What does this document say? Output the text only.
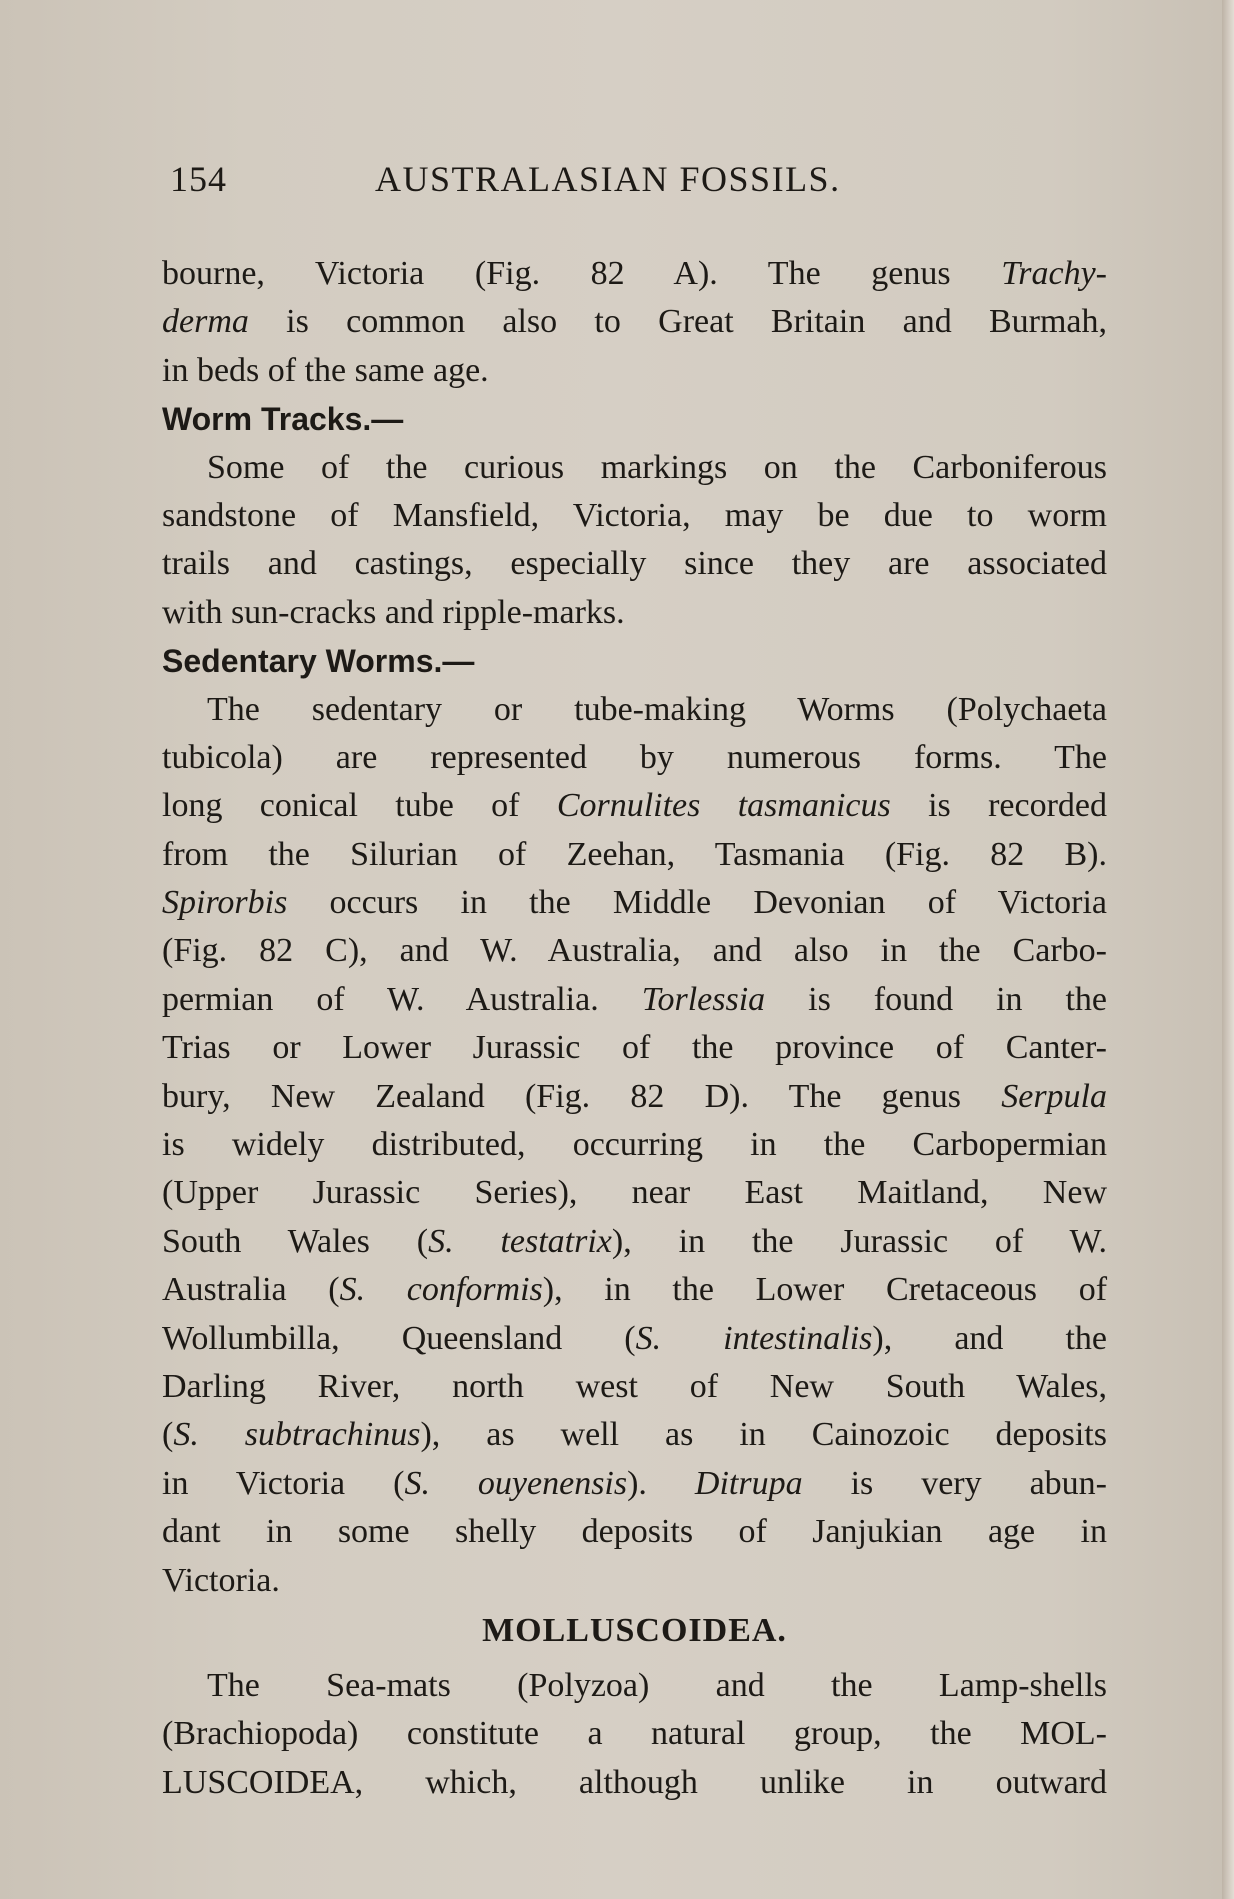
154	AUSTRALASIAN FOSSILS.
bourne, Victoria (Fig. 82 A). The genus Trachy-
derma is common also to Great Britain and Burmah,
in beds of the same age.
Worm Tracks.—
Some of the curious markings on the Carboniferous
sandstone of Mansfield, Victoria, may be due to worm
trails and castings, especially since they are associated
with sun-cracks and ripple-marks.
Sedentary Worms.—
The sedentary or tube-making Worms (Polychaeta
tubicola) are represented by numerous forms. The
long conical tube of Cornulites tasmanicus is recorded
from the Silurian of Zeehan, Tasmania (Fig. 82 B).
Spirorbis occurs in the Middle Devonian of Victoria
(Fig. 82 C), and W. Australia, and also in the Carbo-
permian of W. Australia. Torlessia is found in the
Trias or Lower Jurassic of the province of Canter-
bury, New Zealand (Fig. 82 D). The genus Serpula
is widely distributed, occurring in the Carbopermian
(Upper Jurassic Series), near East Maitland, New
South Wales (S. testatrix), in the Jurassic of W.
Australia (S. conformis), in the Lower Cretaceous of
Wollumbilla, Queensland (S. intestinalis), and the
Darling River, north west of New South Wales,
(S. subtrachinus), as well as in Cainozoic deposits
in Victoria (S. ouyenensis). Ditrupa is very abun-
dant in some shelly deposits of Janjukian age in
Victoria.
MOLLUSCOIDEA.
The Sea-mats (Polyzoa) and the Lamp-shells
(Brachiopoda) constitute a natural group, the MOL-
LUSCOIDEA, which, although unlike in outward
